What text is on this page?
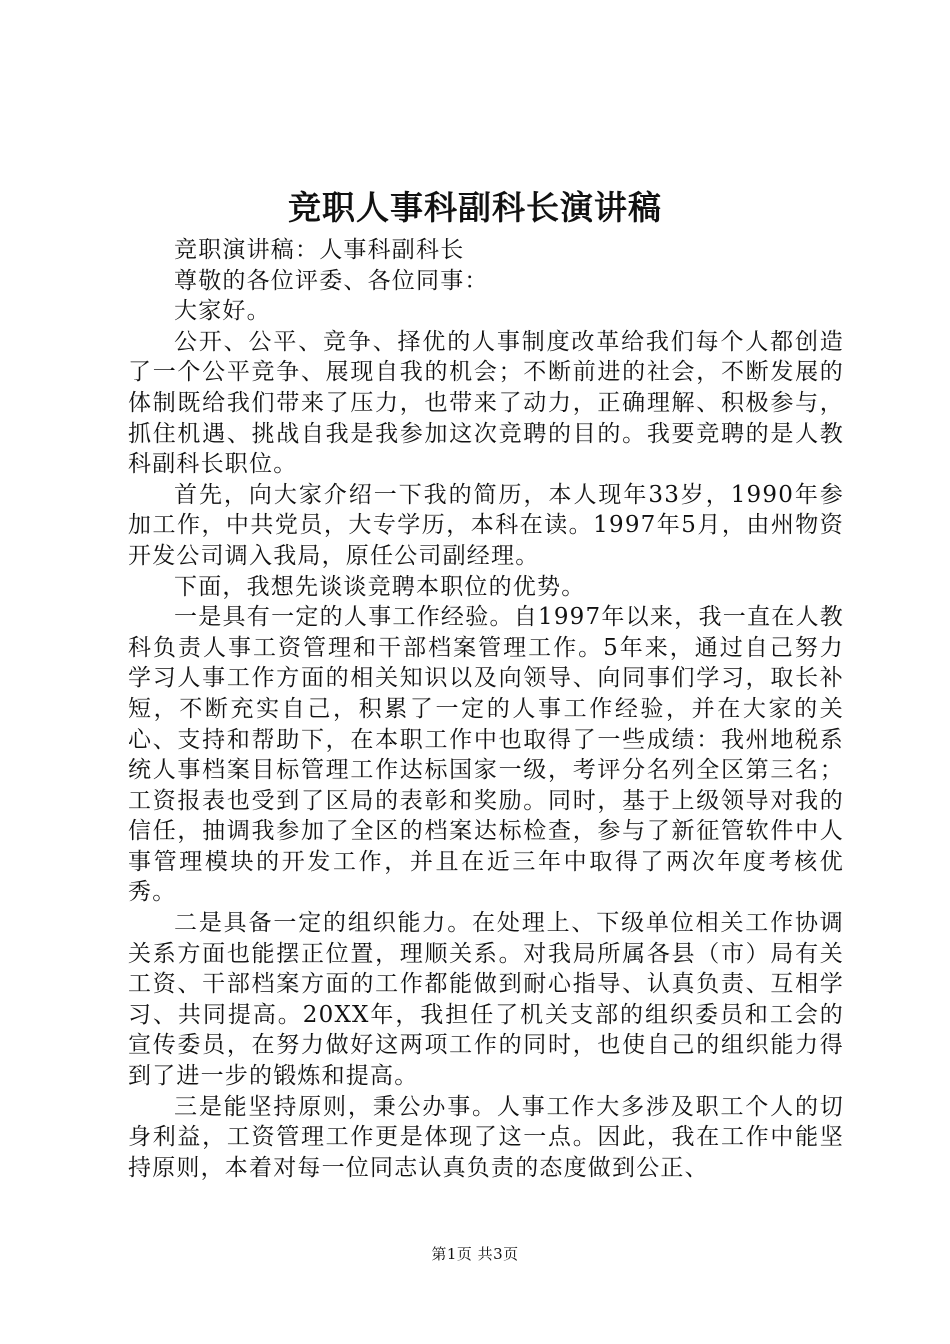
竞职人事科副科长演讲稿

竞职演讲稿：人事科副科长

尊敬的各位评委、各位同事：

大家好。

公开、公平、竞争、择优的人事制度改革给我们每个人都创造了一个公平竞争、展现自我的机会；不断前进的社会，不断发展的体制既给我们带来了压力，也带来了动力，正确理解、积极参与，抓住机遇、挑战自我是我参加这次竞聘的目的。我要竞聘的是人教科副科长职位。

首先，向大家介绍一下我的简历，本人现年33岁，1990年参加工作，中共党员，大专学历，本科在读。1997年5月，由州物资开发公司调入我局，原任公司副经理。

下面，我想先谈谈竞聘本职位的优势。

一是具有一定的人事工作经验。自1997年以来，我一直在人教科负责人事工资管理和干部档案管理工作。5年来，通过自己努力学习人事工作方面的相关知识以及向领导、向同事们学习，取长补短，不断充实自己，积累了一定的人事工作经验，并在大家的关心、支持和帮助下，在本职工作中也取得了一些成绩：我州地税系统人事档案目标管理工作达标国家一级，考评分名列全区第三名；工资报表也受到了区局的表彰和奖励。同时，基于上级领导对我的信任，抽调我参加了全区的档案达标检查，参与了新征管软件中人事管理模块的开发工作，并且在近三年中取得了两次年度考核优秀。

二是具备一定的组织能力。在处理上、下级单位相关工作协调关系方面也能摆正位置，理顺关系。对我局所属各县（市）局有关工资、干部档案方面的工作都能做到耐心指导、认真负责、互相学习、共同提高。20XX年，我担任了机关支部的组织委员和工会的宣传委员，在努力做好这两项工作的同时，也使自己的组织能力得到了进一步的锻炼和提高。

三是能坚持原则，秉公办事。人事工作大多涉及职工个人的切身利益，工资管理工作更是体现了这一点。因此，我在工作中能坚持原则，本着对每一位同志认真负责的态度做到公正、

第1页 共3页
